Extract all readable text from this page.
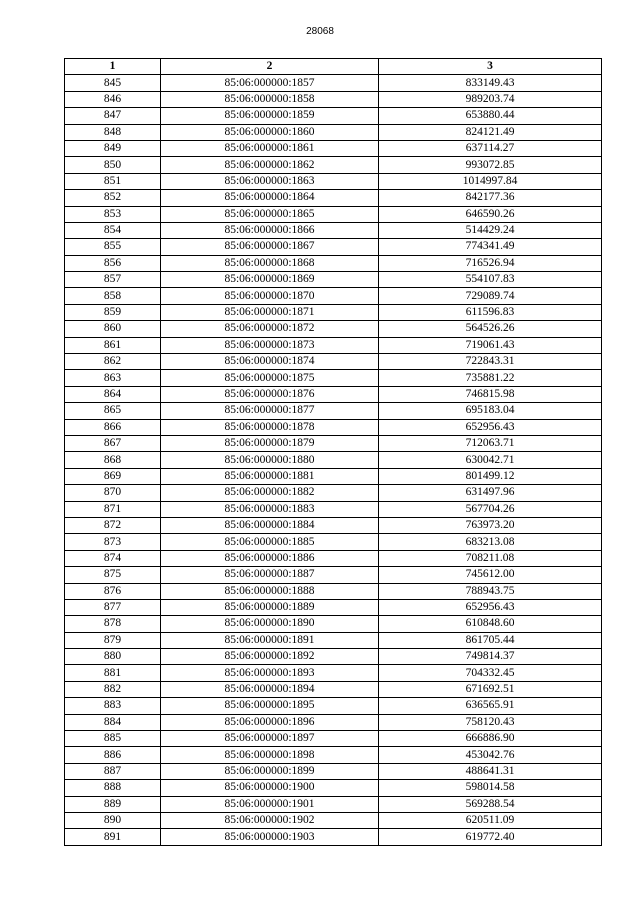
28068
1	2	3
845	85:06:000000:1857	833149.43
846	85:06:000000:1858	989203.74
847	85:06:000000:1859	653880.44
848	85:06:000000:1860	824121.49
849	85:06:000000:1861	637114.27
850	85:06:000000:1862	993072.85
851	85:06:000000:1863	1014997.84
852	85:06:000000:1864	842177.36
853	85:06:000000:1865	646590.26
854	85:06:000000:1866	514429.24
855	85:06:000000:1867	774341.49
856	85:06:000000:1868	716526.94
857	85:06:000000:1869	554107.83
858	85:06:000000:1870	729089.74
859	85:06:000000:1871	611596.83
860	85:06:000000:1872	564526.26
861	85:06:000000:1873	719061.43
862	85:06:000000:1874	722843.31
863	85:06:000000:1875	735881.22
864	85:06:000000:1876	746815.98
865	85:06:000000:1877	695183.04
866	85:06:000000:1878	652956.43
867	85:06:000000:1879	712063.71
868	85:06:000000:1880	630042.71
869	85:06:000000:1881	801499.12
870	85:06:000000:1882	631497.96
871	85:06:000000:1883	567704.26
872	85:06:000000:1884	763973.20
873	85:06:000000:1885	683213.08
874	85:06:000000:1886	708211.08
875	85:06:000000:1887	745612.00
876	85:06:000000:1888	788943.75
877	85:06:000000:1889	652956.43
878	85:06:000000:1890	610848.60
879	85:06:000000:1891	861705.44
880	85:06:000000:1892	749814.37
881	85:06:000000:1893	704332.45
882	85:06:000000:1894	671692.51
883	85:06:000000:1895	636565.91
884	85:06:000000:1896	758120.43
885	85:06:000000:1897	666886.90
886	85:06:000000:1898	453042.76
887	85:06:000000:1899	488641.31
888	85:06:000000:1900	598014.58
889	85:06:000000:1901	569288.54
890	85:06:000000:1902	620511.09
891	85:06:000000:1903	619772.40
